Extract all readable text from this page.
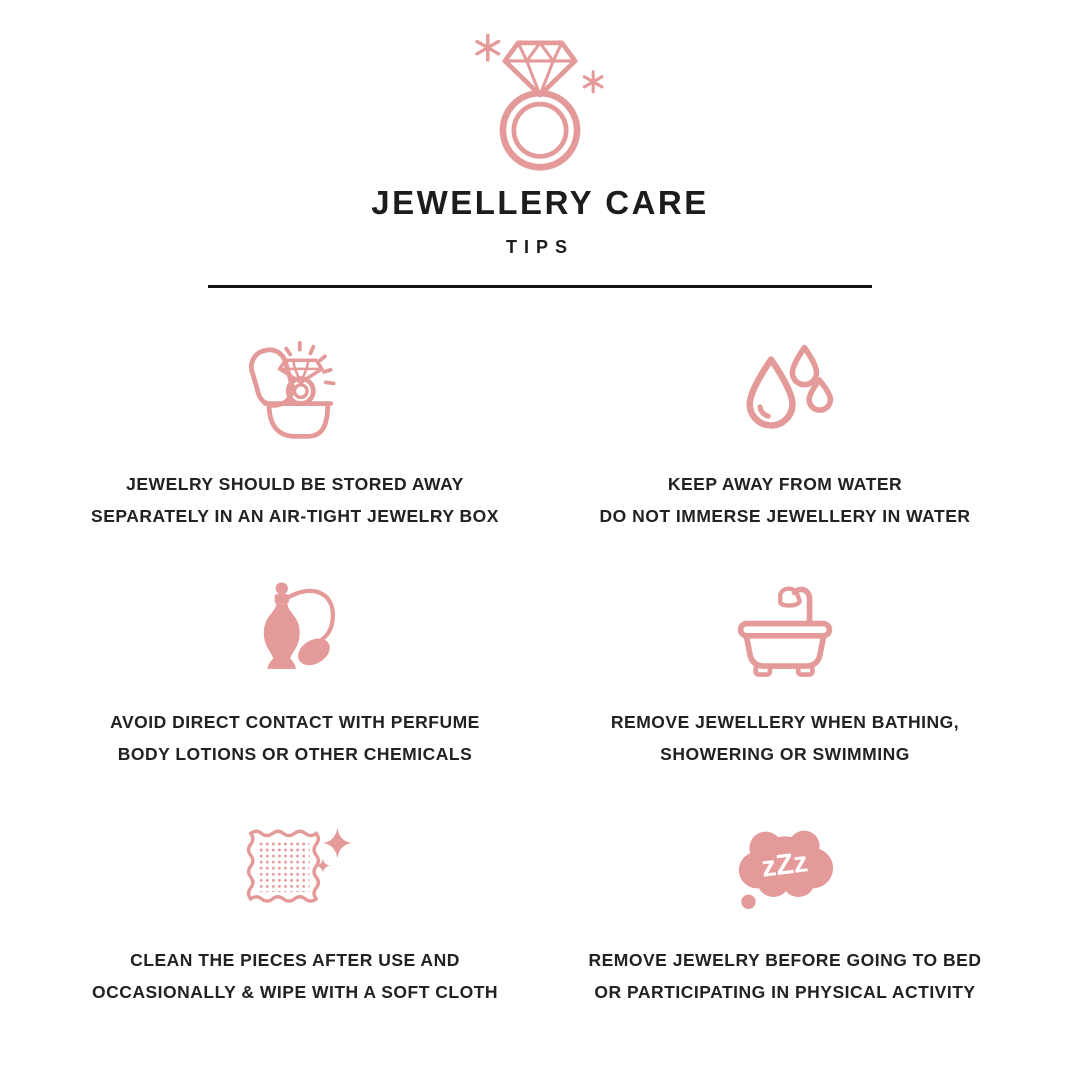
JEWELLERY CARE
TIPS
JEWELRY SHOULD BE STORED AWAY
SEPARATELY IN AN AIR-TIGHT JEWELRY BOX
KEEP AWAY FROM WATER
DO NOT IMMERSE JEWELLERY IN WATER
AVOID DIRECT CONTACT WITH PERFUME
BODY LOTIONS OR OTHER CHEMICALS
REMOVE JEWELLERY WHEN BATHING,
SHOWERING OR SWIMMING
CLEAN THE PIECES AFTER USE AND
OCCASIONALLY & WIPE WITH A SOFT CLOTH
zZz
REMOVE JEWELRY BEFORE GOING TO BED
OR PARTICIPATING IN PHYSICAL ACTIVITY
